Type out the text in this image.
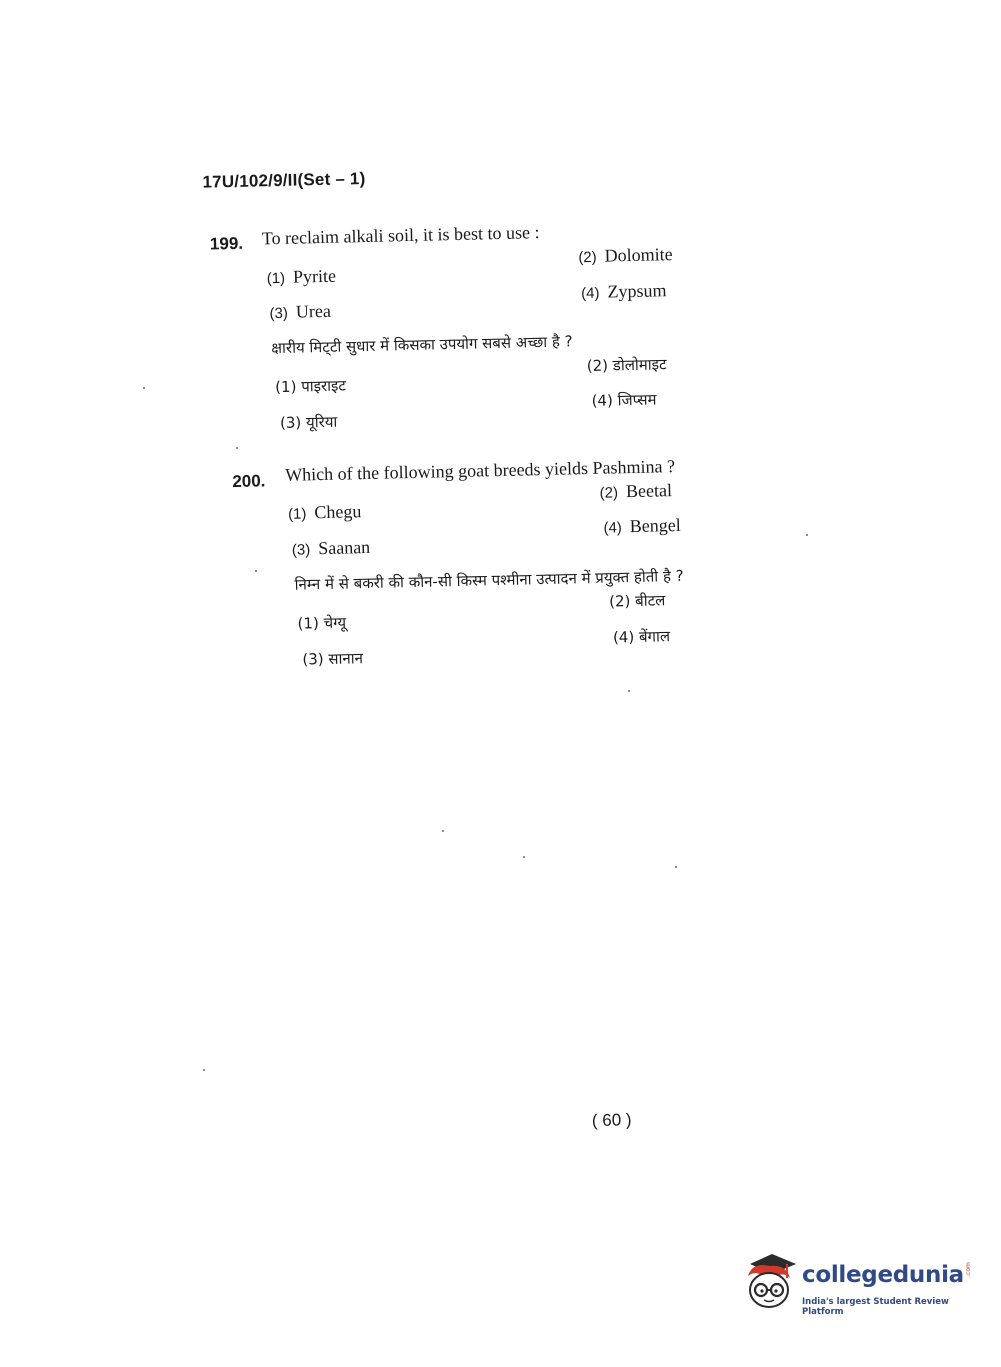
17U/102/9/II(Set – 1)
199. To reclaim alkali soil, it is best to use :
(1) Pyrite
(2) Dolomite
(3) Urea
(4) Zypsum
क्षारीय मिट्‌टी सुधार में किसका उपयोग सबसे अच्छा है ?
(1) पाइराइट
(2) डोलोमाइट
(3) यूरिया
(4) जिप्सम
200. Which of the following goat breeds yields Pashmina ?
(1) Chegu
(2) Beetal
(3) Saanan
(4) Bengel
निम्न में से बकरी की कौन-सी किस्म पश्मीना उत्पादन में प्रयुक्त होती है ?
(1) चेग्यू
(2) बीटल
(3) सानान
(4) बेंगाल
( 60 )
collegedunia .com
India's largest Student Review Platform
